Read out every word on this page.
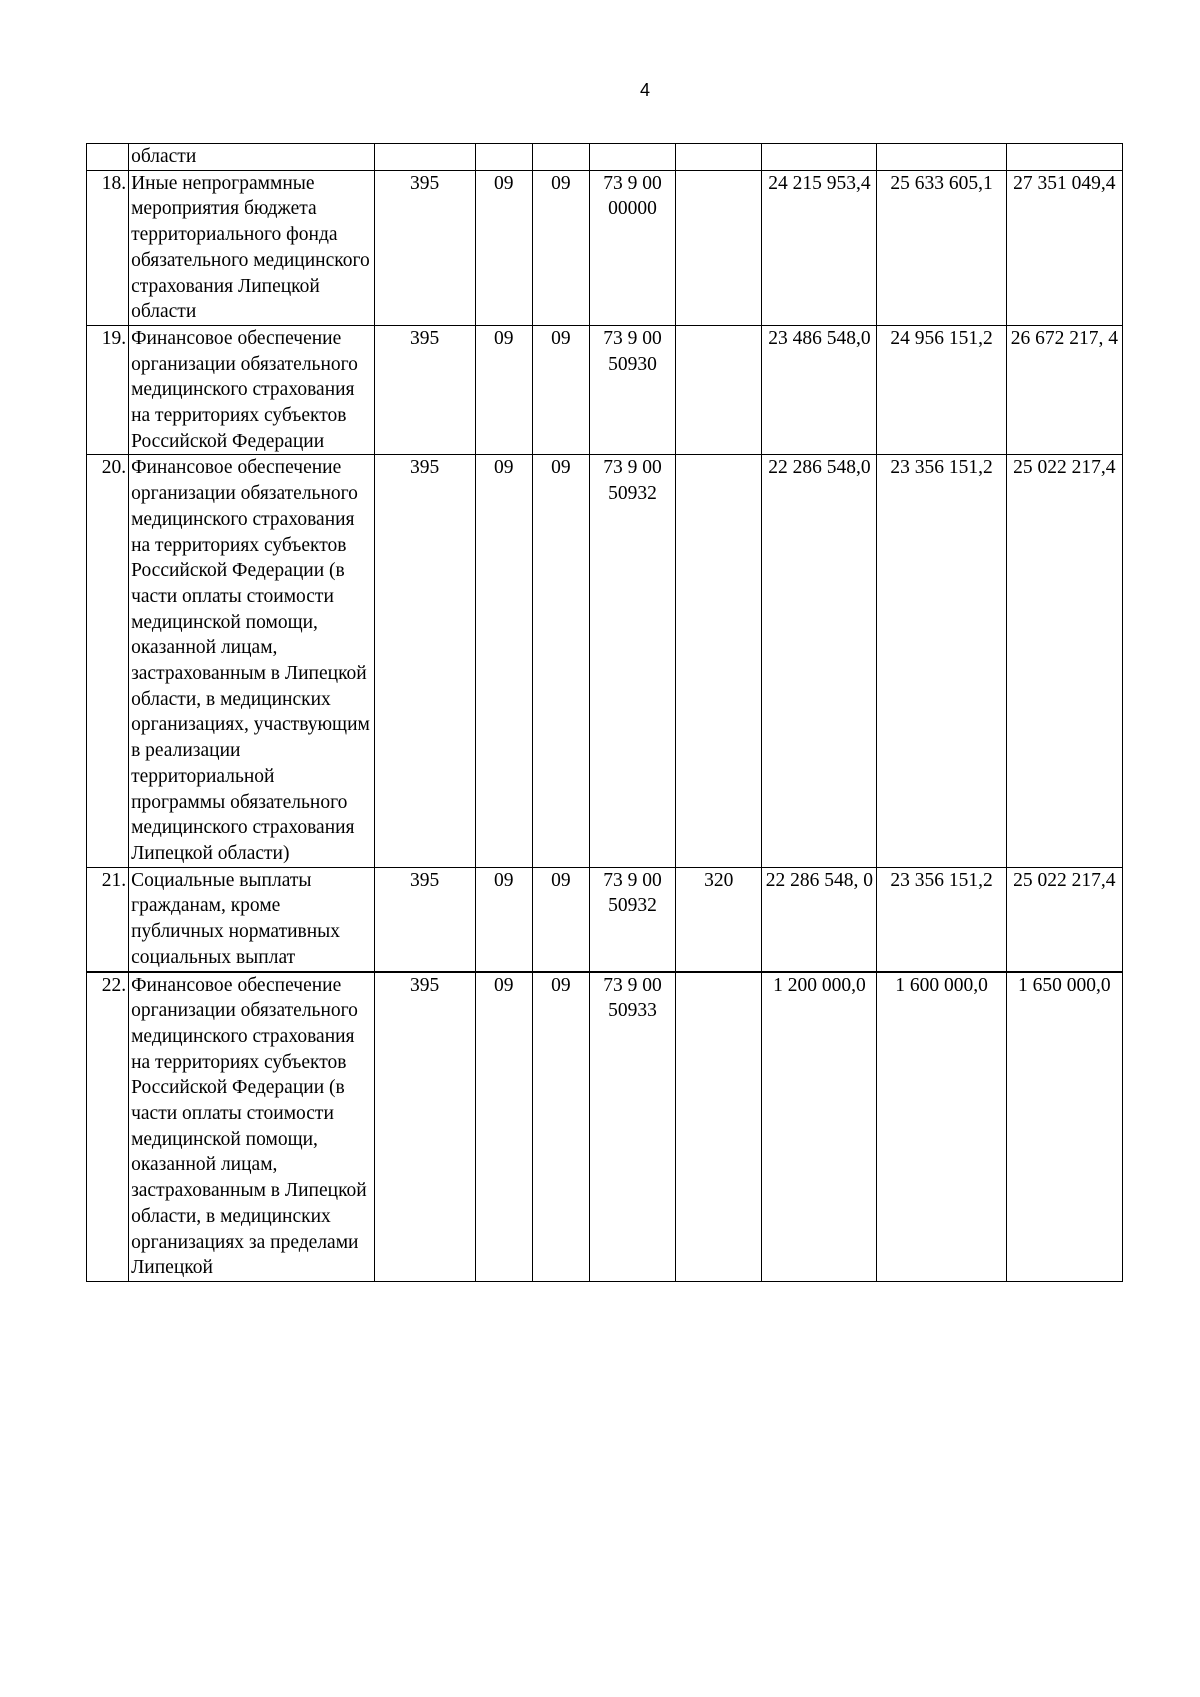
4
	области								
18.	Иные непрограммные мероприятия бюджета территориального фонда обязательного медицинского страхования Липецкой области	395	09	09	73 9 00 00000		24 215 953,4	25 633 605,1	27 351 049,4
19.	Финансовое обеспечение организации обязательного медицинского страхования на территориях субъектов Российской Федерации	395	09	09	73 9 00 50930		23 486 548,0	24 956 151,2	26 672 217, 4
20.	Финансовое обеспечение организации обязательного медицинского страхования на территориях субъектов Российской Федерации (в части оплаты стоимости медицинской помощи, оказанной лицам, застрахованным в Липецкой области, в медицинских организациях, участвующим в реализации территориальной программы обязательного медицинского страхования Липецкой области)	395	09	09	73 9 00 50932		22 286 548,0	23 356 151,2	25 022 217,4
21.	Социальные выплаты гражданам, кроме публичных нормативных социальных выплат	395	09	09	73 9 00 50932	320	22 286 548, 0	23 356 151,2	25 022 217,4
22.	Финансовое обеспечение организации обязательного медицинского страхования на территориях субъектов Российской Федерации (в части оплаты стоимости медицинской помощи, оказанной лицам, застрахованным в Липецкой области, в медицинских организациях за пределами Липецкой	395	09	09	73 9 00 50933		1 200 000,0	1 600 000,0	1 650 000,0
